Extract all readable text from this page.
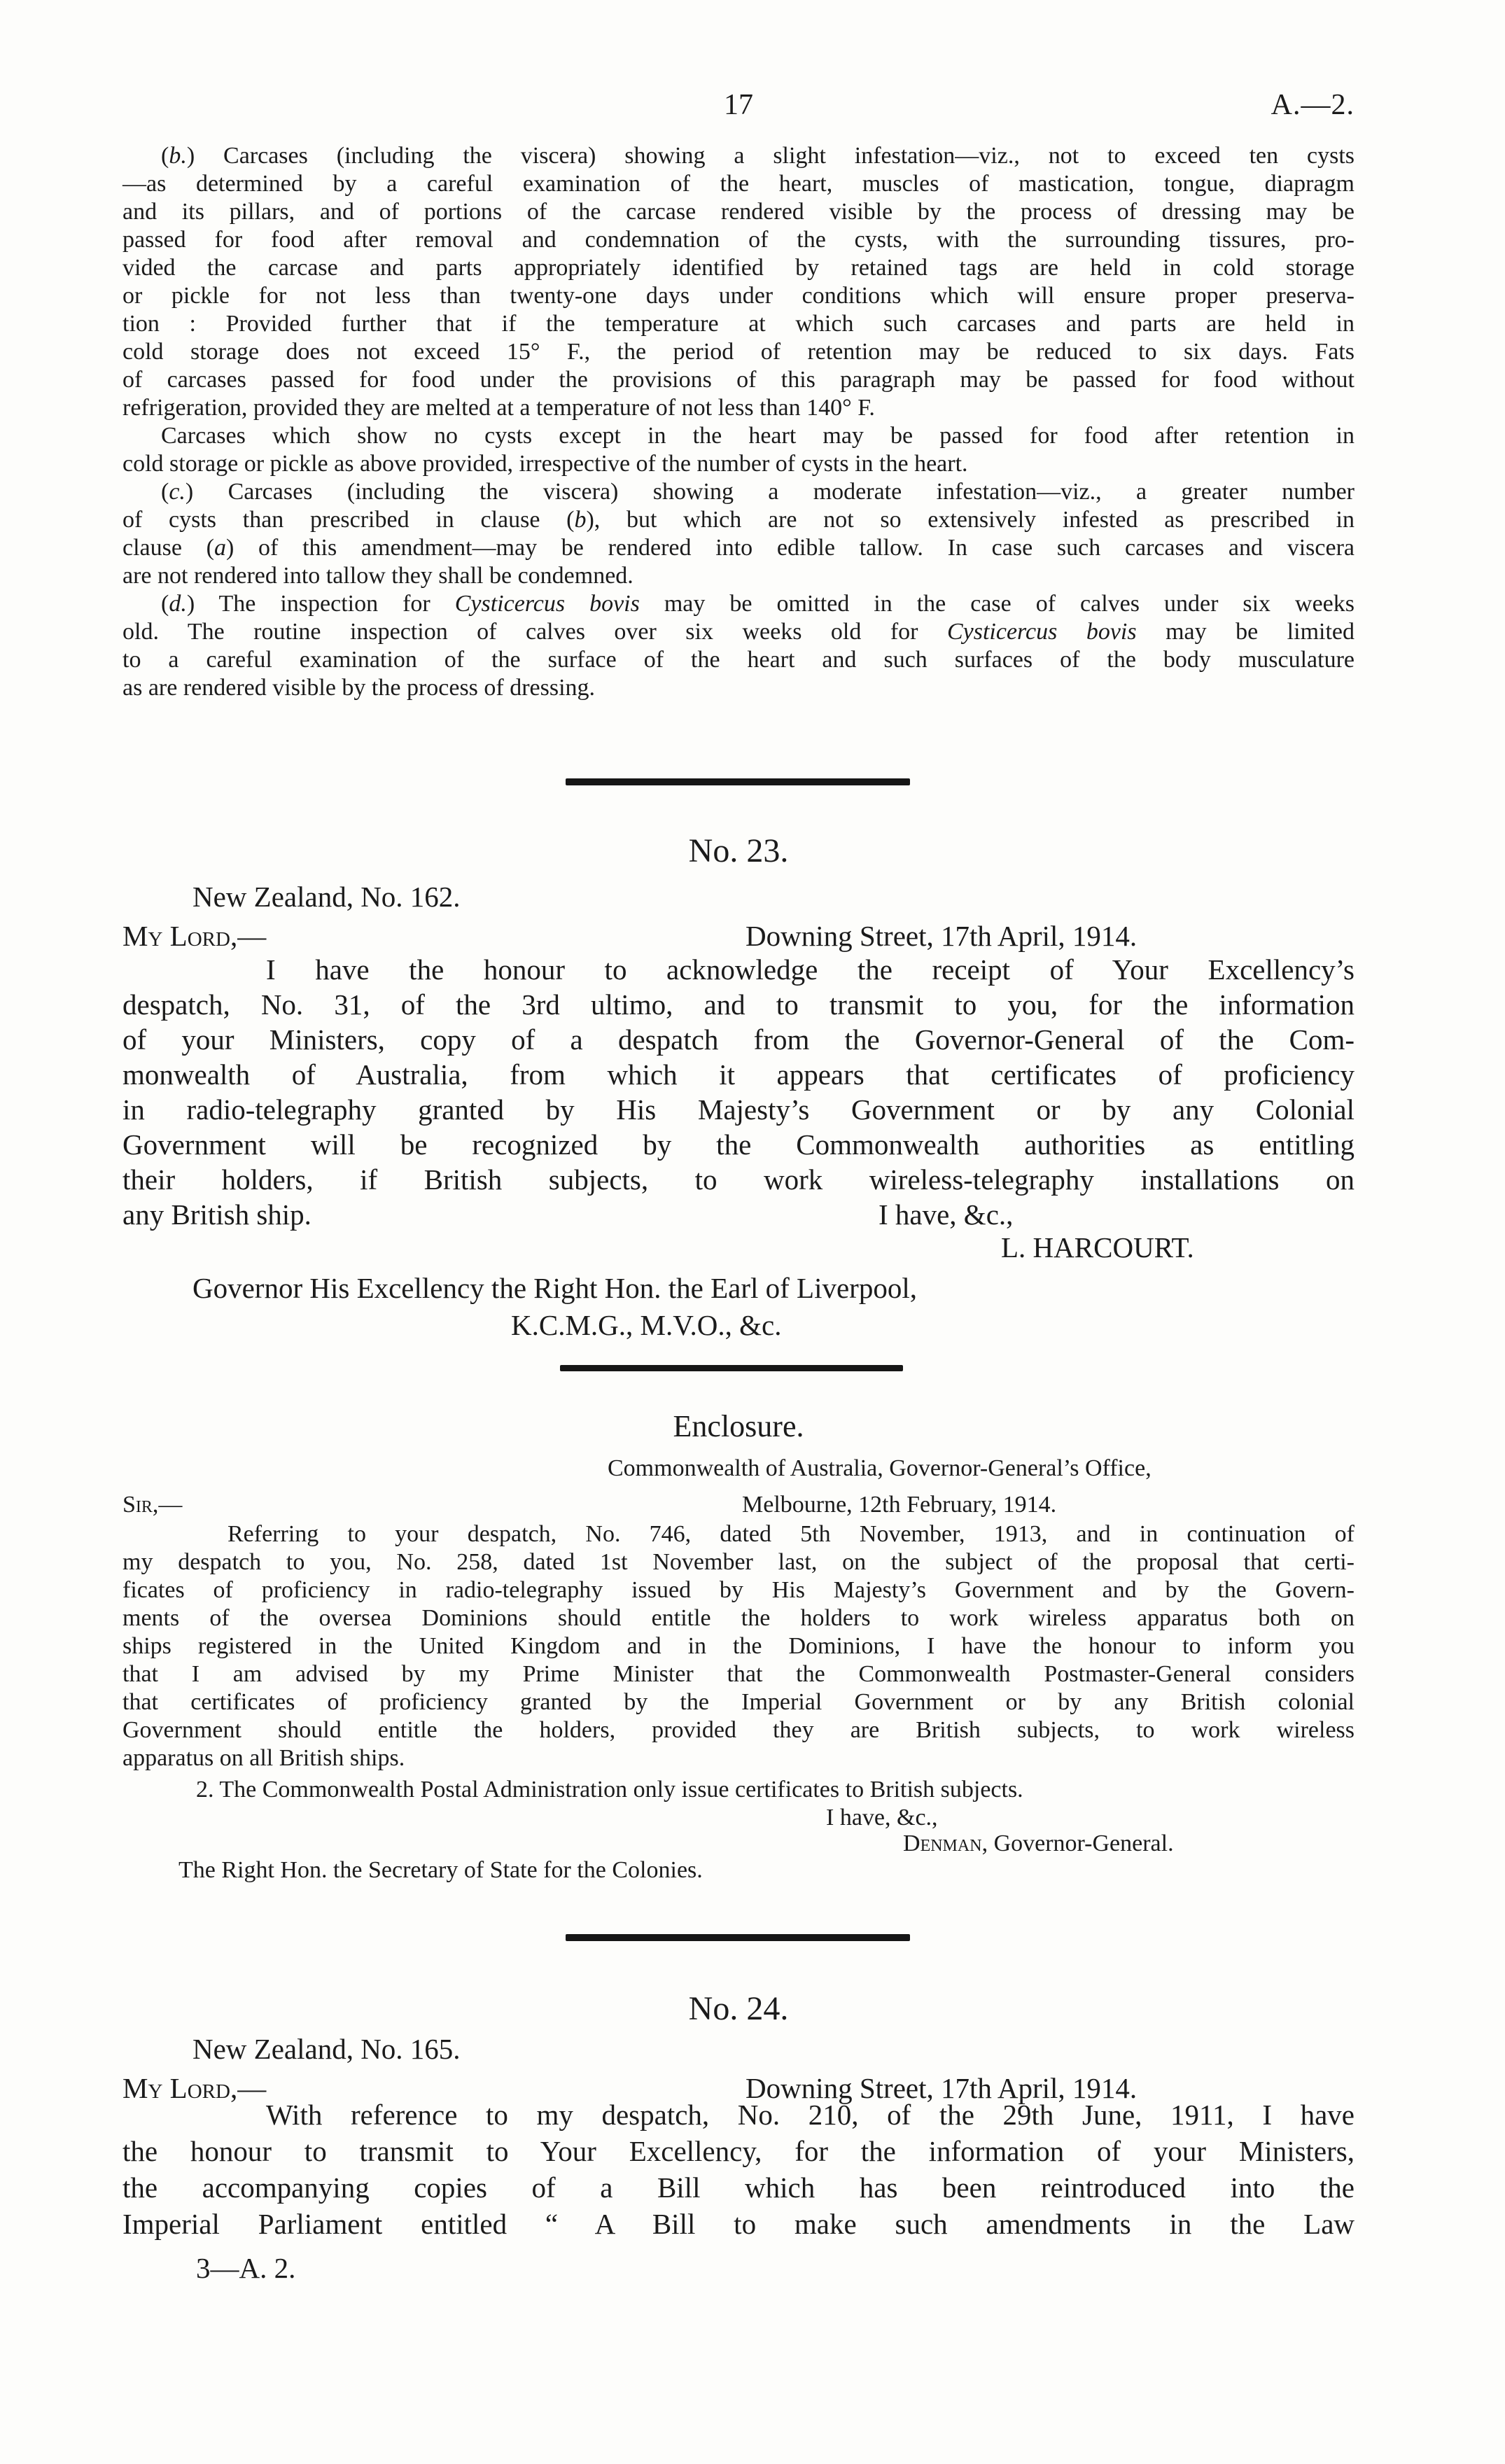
17	A.—2.
(b.) Carcases (including the viscera) showing a slight infestation—viz., not to exceed ten cysts
—as determined by a careful examination of the heart, muscles of mastication, tongue, diapragm
and its pillars, and of portions of the carcase rendered visible by the process of dressing may be
passed for food after removal and condemnation of the cysts, with the surrounding tissures, pro-
vided the carcase and parts appropriately identified by retained tags are held in cold storage
or pickle for not less than twenty-one days under conditions which will ensure proper preserva-
tion : Provided further that if the temperature at which such carcases and parts are held in
cold storage does not exceed 15° F., the period of retention may be reduced to six days. Fats
of carcases passed for food under the provisions of this paragraph may be passed for food without
refrigeration, provided they are melted at a temperature of not less than 140° F.
Carcases which show no cysts except in the heart may be passed for food after retention in
cold storage or pickle as above provided, irrespective of the number of cysts in the heart.
(c.) Carcases (including the viscera) showing a moderate infestation—viz., a greater number
of cysts than prescribed in clause (b), but which are not so extensively infested as prescribed in
clause (a) of this amendment—may be rendered into edible tallow. In case such carcases and viscera
are not rendered into tallow they shall be condemned.
(d.) The inspection for Cysticercus bovis may be omitted in the case of calves under six weeks
old. The routine inspection of calves over six weeks old for Cysticercus bovis may be limited
to a careful examination of the surface of the heart and such surfaces of the body musculature
as are rendered visible by the process of dressing.
No. 23.
New Zealand, No. 162.
My Lord,—	Downing Street, 17th April, 1914.
I have the honour to acknowledge the receipt of Your Excellency’s
despatch, No. 31, of the 3rd ultimo, and to transmit to you, for the information
of your Ministers, copy of a despatch from the Governor-General of the Com-
monwealth of Australia, from which it appears that certificates of proficiency
in radio-telegraphy granted by His Majesty’s Government or by any Colonial
Government will be recognized by the Commonwealth authorities as entitling
their holders, if British subjects, to work wireless-telegraphy installations on
any British ship.	I have, &c.,
L. HARCOURT.
Governor His Excellency the Right Hon. the Earl of Liverpool,
K.C.M.G., M.V.O., &c.
Enclosure.
Commonwealth of Australia, Governor-General’s Office,
Sir,—	Melbourne, 12th February, 1914.
Referring to your despatch, No. 746, dated 5th November, 1913, and in continuation of
my despatch to you, No. 258, dated 1st November last, on the subject of the proposal that certi-
ficates of proficiency in radio-telegraphy issued by His Majesty’s Government and by the Govern-
ments of the oversea Dominions should entitle the holders to work wireless apparatus both on
ships registered in the United Kingdom and in the Dominions, I have the honour to inform you
that I am advised by my Prime Minister that the Commonwealth Postmaster-General considers
that certificates of proficiency granted by the Imperial Government or by any British colonial
Government should entitle the holders, provided they are British subjects, to work wireless
apparatus on all British ships.
2. The Commonwealth Postal Administration only issue certificates to British subjects.
I have, &c.,
Denman, Governor-General.
The Right Hon. the Secretary of State for the Colonies.
No. 24.
New Zealand, No. 165.
My Lord,—	Downing Street, 17th April, 1914.
With reference to my despatch, No. 210, of the 29th June, 1911, I have
the honour to transmit to Your Excellency, for the information of your Ministers,
the accompanying copies of a Bill which has been reintroduced into the
Imperial Parliament entitled “ A Bill to make such amendments in the Law
3—A. 2.
